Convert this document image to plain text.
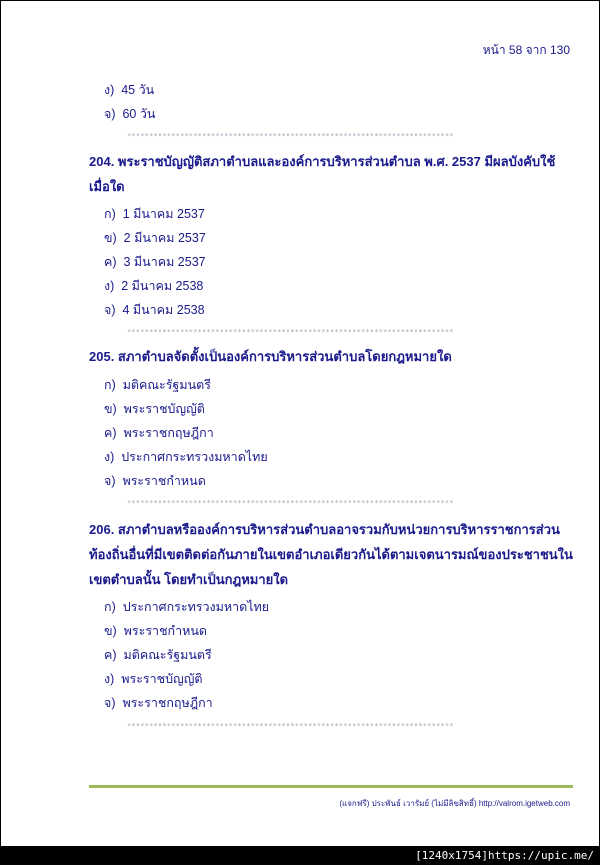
หน้า 58 จาก 130
ง) 45 วัน
จ) 60 วัน
**************************************************************************
204. พระราชบัญญัติสภาตำบลและองค์การบริหารส่วนตำบล พ.ศ. 2537 มีผลบังคับใช้เมื่อใด
ก) 1 มีนาคม 2537
ข) 2 มีนาคม 2537
ค) 3 มีนาคม 2537
ง) 2 มีนาคม 2538
จ) 4 มีนาคม 2538
**************************************************************************
205. สภาตำบลจัดตั้งเป็นองค์การบริหารส่วนตำบลโดยกฎหมายใด
ก) มติคณะรัฐมนตรี
ข) พระราชบัญญัติ
ค) พระราชกฤษฎีกา
ง) ประกาศกระทรวงมหาดไทย
จ) พระราชกำหนด
**************************************************************************
206. สภาตำบลหรือองค์การบริหารส่วนตำบลอาจรวมกับหน่วยการบริหารราชการส่วนท้องถิ่นอื่นที่มีเขตติดต่อกันภายในเขตอำเภอเดียวกันได้ตามเจตนารมณ์ของประชาชนในเขตตำบลนั้น โดยทำเป็นกฎหมายใด
ก) ประกาศกระทรวงมหาดไทย
ข) พระราชกำหนด
ค) มติคณะรัฐมนตรี
ง) พระราชบัญญัติ
จ) พระราชกฤษฎีกา
**************************************************************************
(แจกฟรี) ประพันธ์ เวารัมย์ (ไม่มีลิขสิทธิ์) http://valrom.igetweb.com
[1240x1754]https://upic.me/
